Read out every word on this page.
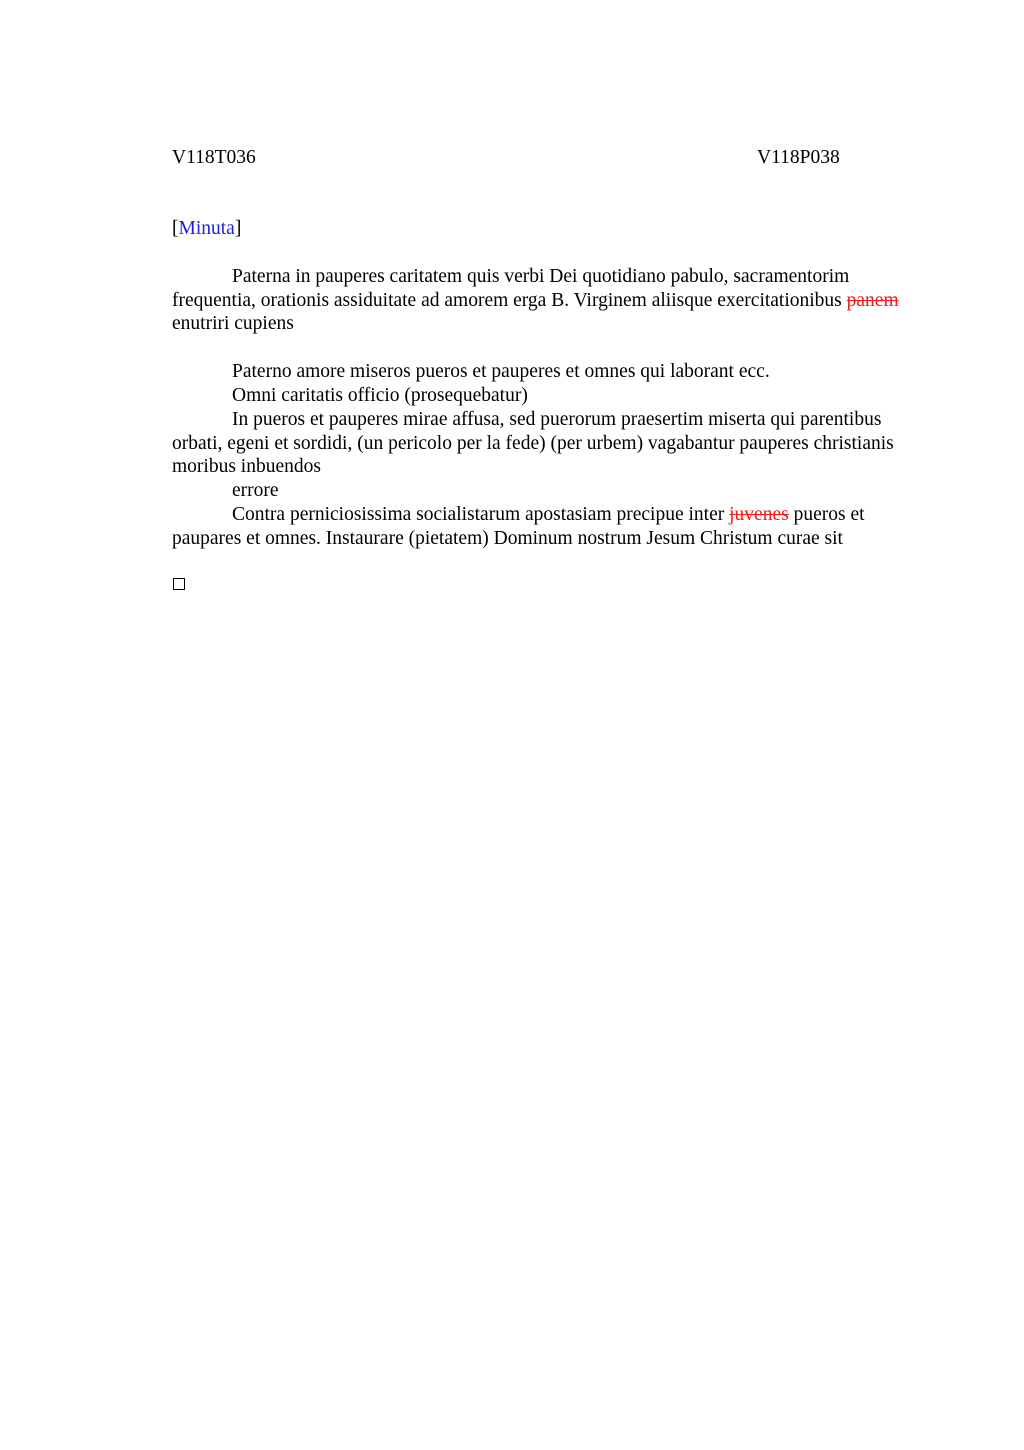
V118T036	V118P038
[Minuta]

Paterna in pauperes caritatem quis verbi Dei quotidiano pabulo, sacramentorim frequentia, orationis assiduitate ad amorem erga B. Virginem aliisque exercitationibus panem enutriri cupiens

Paterno amore miseros pueros et pauperes et omnes qui laborant ecc.

Omni caritatis officio (prosequebatur)

In pueros et pauperes mirae affusa, sed puerorum praesertim miserta qui parentibus orbati, egeni et sordidi, (un pericolo per la fede) (per urbem) vagabantur pauperes christianis moribus inbuendos

errore

Contra perniciosissima socialistarum apostasiam precipue inter juvenes pueros et paupares et omnes. Instaurare (pietatem) Dominum nostrum Jesum Christum curae sit
